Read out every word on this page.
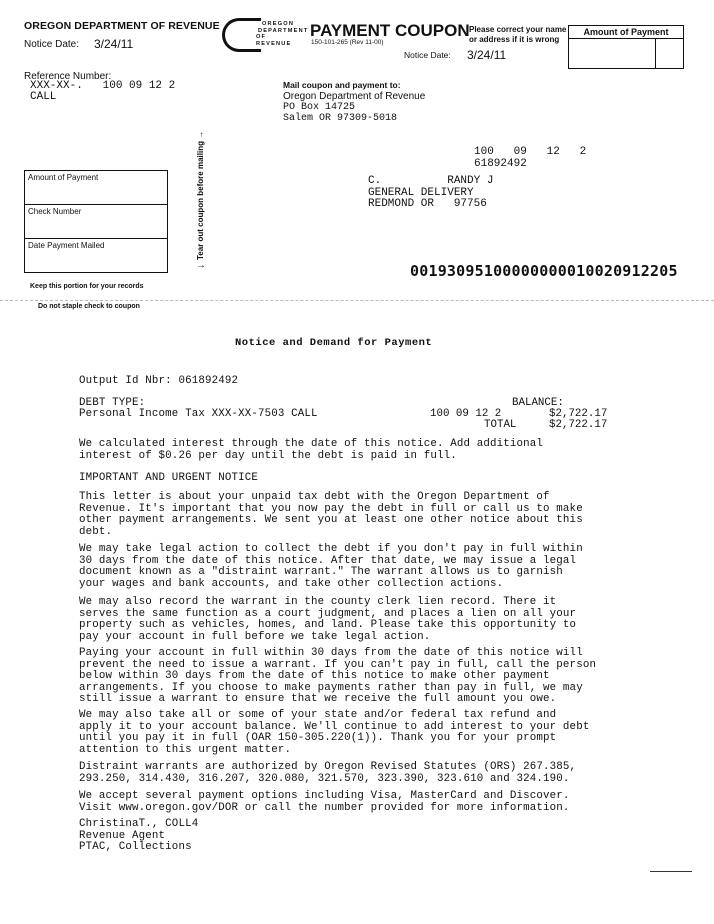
OREGON DEPARTMENT OF REVENUE
Notice Date: 3/24/11
OREGON
DEPARTMENT
OF REVENUE
PAYMENT COUPON
150-101-265 (Rev 11-00)
Please correct your name or address if it is wrong
Amount of Payment
Notice Date: 3/24/11
Reference Number:
XXX-XX-.   100 09 12 2
CALL
Mail coupon and payment to:
Oregon Department of Revenue
PO Box 14725
Salem OR 97309-5018
100   09   12   2
61892492
C.          RANDY J
GENERAL DELIVERY
REDMOND OR   97756
00193095100000000010020912205
Tear out coupon before mailing →
→
Amount of Payment
Check Number
Date Payment Mailed
Keep this portion for your records
Do not staple check to coupon
Notice and Demand for Payment
Output Id Nbr: 061892492
DEBT TYPE:
Personal Income Tax XXX-XX-7503 CALL
BALANCE:
100 09 12 2	$2,722.17
TOTAL	$2,722.17
We calculated interest through the date of this notice. Add additional
interest of $0.26 per day until the debt is paid in full.
IMPORTANT AND URGENT NOTICE
This letter is about your unpaid tax debt with the Oregon Department of
Revenue. It's important that you now pay the debt in full or call us to make
other payment arrangements. We sent you at least one other notice about this
debt.
We may take legal action to collect the debt if you don't pay in full within
30 days from the date of this notice. After that date, we may issue a legal
document known as a "distraint warrant." The warrant allows us to garnish
your wages and bank accounts, and take other collection actions.
We may also record the warrant in the county clerk lien record. There it
serves the same function as a court judgment, and places a lien on all your
property such as vehicles, homes, and land. Please take this opportunity to
pay your account in full before we take legal action.
Paying your account in full within 30 days from the date of this notice will
prevent the need to issue a warrant. If you can't pay in full, call the person
below within 30 days from the date of this notice to make other payment
arrangements. If you choose to make payments rather than pay in full, we may
still issue a warrant to ensure that we receive the full amount you owe.
We may also take all or some of your state and/or federal tax refund and
apply it to your account balance. We'll continue to add interest to your debt
until you pay it in full (OAR 150-305.220(1)). Thank you for your prompt
attention to this urgent matter.
Distraint warrants are authorized by Oregon Revised Statutes (ORS) 267.385,
293.250, 314.430, 316.207, 320.080, 321.570, 323.390, 323.610 and 324.190.
We accept several payment options including Visa, MasterCard and Discover.
Visit www.oregon.gov/DOR or call the number provided for more information.
ChristinaT., COLL4
Revenue Agent
PTAC, Collections
